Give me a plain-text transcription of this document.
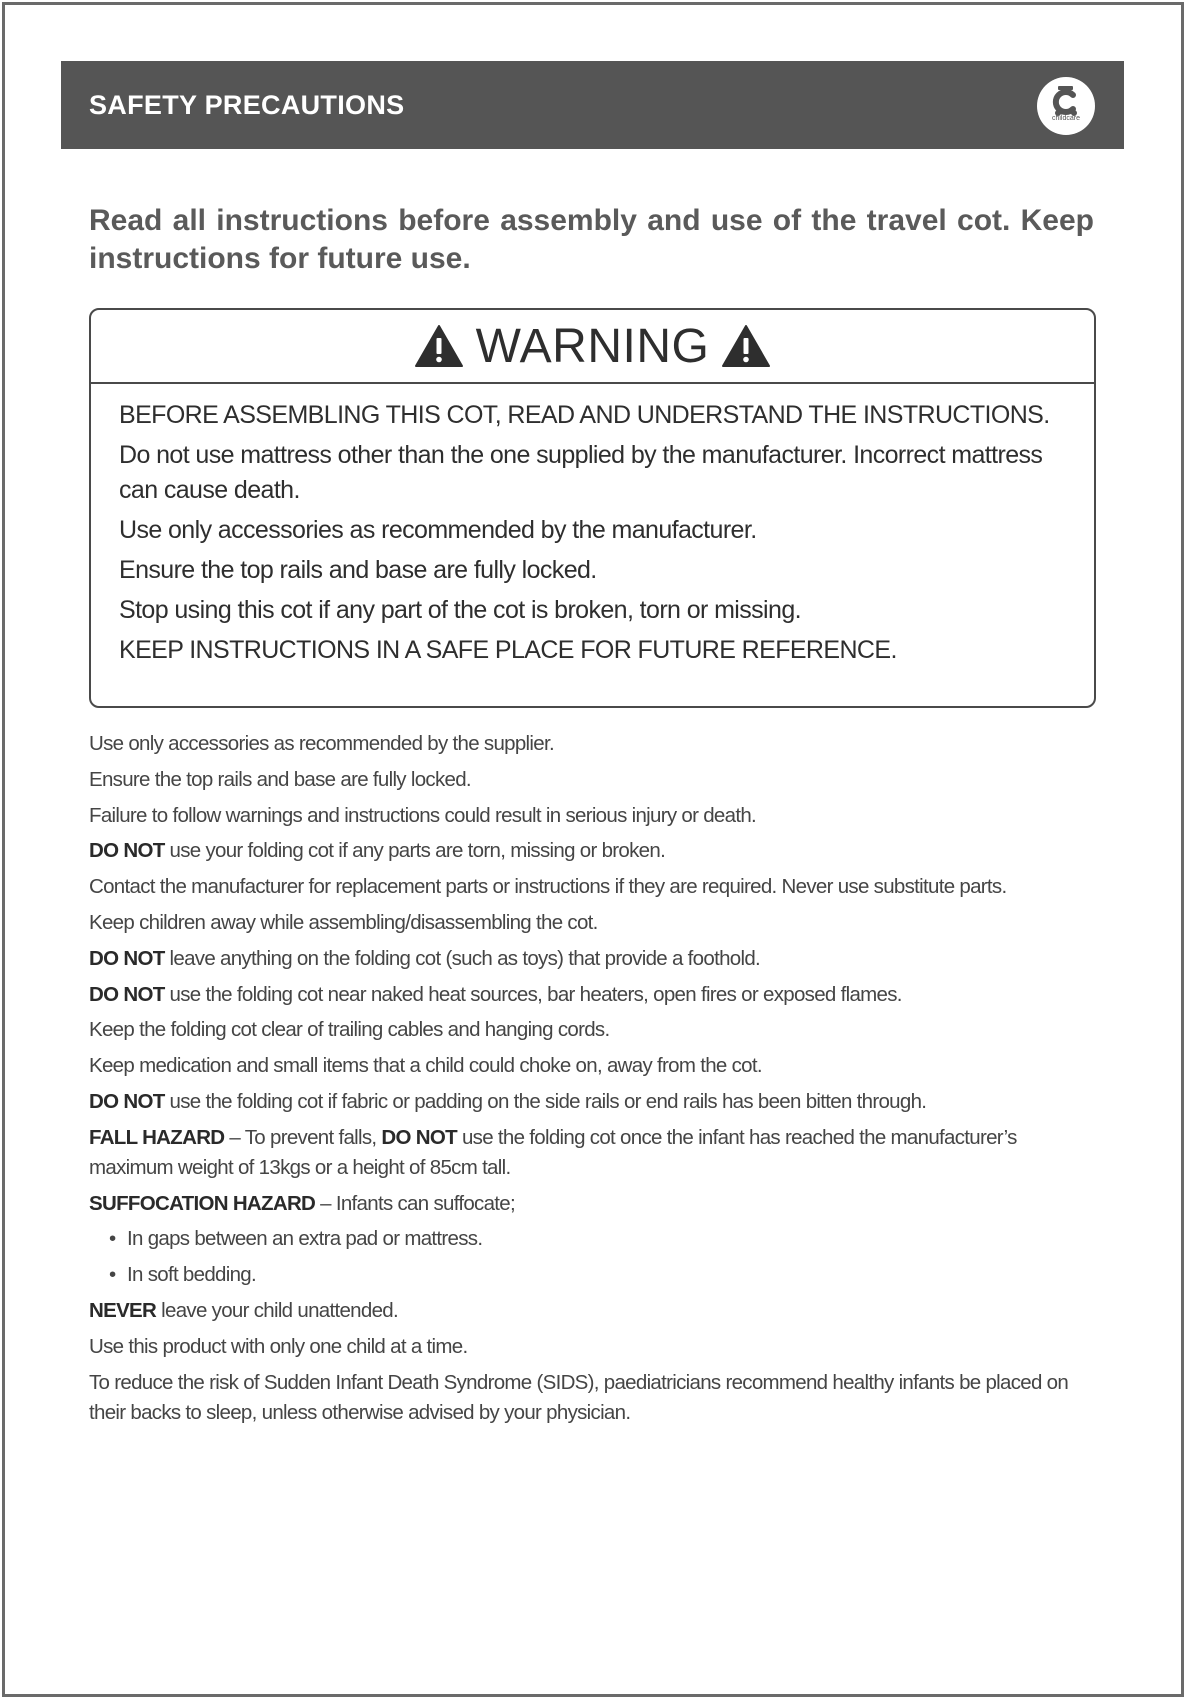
SAFETY PRECAUTIONS	childcare
Read all instructions before assembly and use of the travel cot. Keep instructions for future use.
WARNING
BEFORE ASSEMBLING THIS COT, READ AND UNDERSTAND THE INSTRUCTIONS.
Do not use mattress other than the one supplied by the manufacturer. Incorrect mattress can cause death.
Use only accessories as recommended by the manufacturer.
Ensure the top rails and base are fully locked.
Stop using this cot if any part of the cot is broken, torn or missing.
KEEP INSTRUCTIONS IN A SAFE PLACE FOR FUTURE REFERENCE.
Use only accessories as recommended by the supplier.
Ensure the top rails and base are fully locked.
Failure to follow warnings and instructions could result in serious injury or death.
DO NOT use your folding cot if any parts are torn, missing or broken.
Contact the manufacturer for replacement parts or instructions if they are required. Never use substitute parts.
Keep children away while assembling/disassembling the cot.
DO NOT leave anything on the folding cot (such as toys) that provide a foothold.
DO NOT use the folding cot near naked heat sources, bar heaters, open fires or exposed flames.
Keep the folding cot clear of trailing cables and hanging cords.
Keep medication and small items that a child could choke on, away from the cot.
DO NOT use the folding cot if fabric or padding on the side rails or end rails has been bitten through.
FALL HAZARD – To prevent falls, DO NOT use the folding cot once the infant has reached the manufacturer’s maximum weight of 13kgs or a height of 85cm tall.
SUFFOCATION HAZARD – Infants can suffocate;
• In gaps between an extra pad or mattress.
• In soft bedding.
NEVER leave your child unattended.
Use this product with only one child at a time.
To reduce the risk of Sudden Infant Death Syndrome (SIDS), paediatricians recommend healthy infants be placed on their backs to sleep, unless otherwise advised by your physician.
